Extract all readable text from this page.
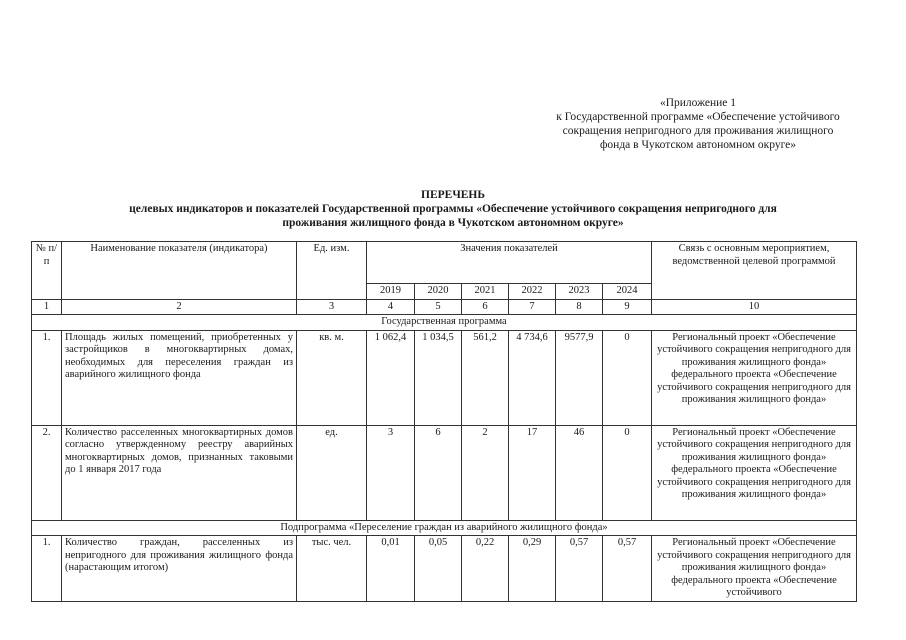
«Приложение 1
к Государственной программе «Обеспечение устойчивого
сокращения непригодного для проживания жилищного
фонда в Чукотском автономном округе»
ПЕРЕЧЕНЬ
целевых индикаторов и показателей Государственной программы «Обеспечение устойчивого сокращения непригодного для
проживания жилищного фонда в Чукотском автономном округе»
№ п/п	Наименование показателя (индикатора)	Ед. изм.	Значения показателей						Связь с основным мероприятием, ведомственной целевой программой
			2019	2020	2021	2022	2023	2024	
1	2	3	4	5	6	7	8	9	10
Государственная программа									
1.	Площадь жилых помещений, приобретенных у застройщиков в многоквартирных домах, необходимых для переселения граждан из аварийного жилищного фонда	кв. м.	1 062,4	1 034,5	561,2	4 734,6	9577,9	0	Региональный проект «Обеспечение устойчивого сокращения непригодного для проживания жилищного фонда» федерального проекта «Обеспечение устойчивого сокращения непригодного для проживания жилищного фонда»
2.	Количество расселенных многоквартирных домов согласно утвержденному реестру аварийных многоквартирных домов, признанных таковыми до 1 января 2017 года	ед.	3	6	2	17	46	0	Региональный проект «Обеспечение устойчивого сокращения непригодного для проживания жилищного фонда» федерального проекта «Обеспечение устойчивого сокращения непригодного для проживания жилищного фонда»
Подпрограмма «Переселение граждан из аварийного жилищного фонда»									
1.	Количество граждан, расселенных из непригодного для проживания жилищного фонда (нарастающим итогом)	тыс. чел.	0,01	0,05	0,22	0,29	0,57	0,57	Региональный проект «Обеспечение устойчивого сокращения непригодного для проживания жилищного фонда» федерального проекта «Обеспечение устойчивого
